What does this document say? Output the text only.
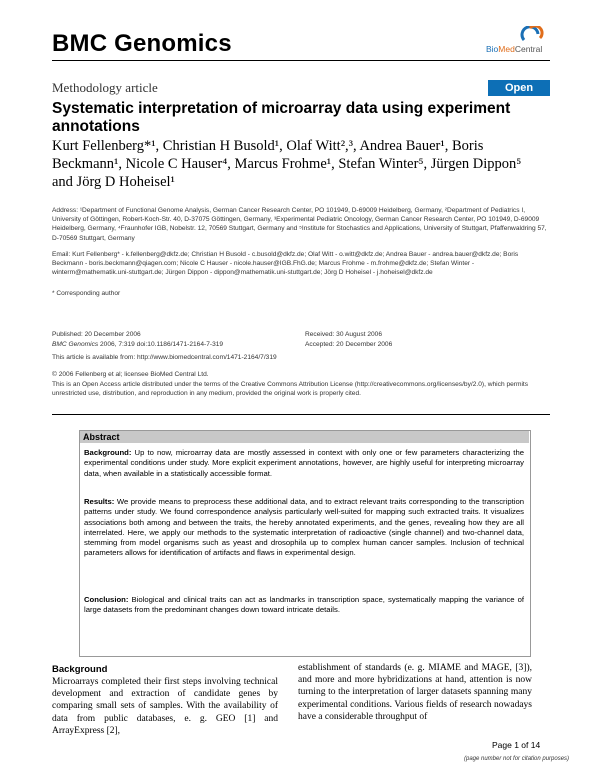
BMC Genomics	BioMedCentral
Methodology article	Open Access
Systematic interpretation of microarray data using experiment annotations
Kurt Fellenberg*¹, Christian H Busold¹, Olaf Witt²,³, Andrea Bauer¹, Boris Beckmann¹, Nicole C Hauser⁴, Marcus Frohme¹, Stefan Winter⁵, Jürgen Dippon⁵ and Jörg D Hoheisel¹
Address: ¹Department of Functional Genome Analysis, German Cancer Research Center, PO 101949, D-69009 Heidelberg, Germany, ²Department of Pediatrics I, University of Göttingen, Robert-Koch-Str. 40, D-37075 Göttingen, Germany, ³Experimental Pediatric Oncology, German Cancer Research Center, PO 101949, D-69009 Heidelberg, Germany, ⁴Fraunhofer IGB, Nobelstr. 12, 70569 Stuttgart, Germany and ⁵Institute for Stochastics and Applications, University of Stuttgart, Pfaffenwaldring 57, D-70569 Stuttgart, Germany
Email: Kurt Fellenberg* - k.fellenberg@dkfz.de; Christian H Busold - c.busold@dkfz.de; Olaf Witt - o.witt@dkfz.de; Andrea Bauer - andrea.bauer@dkfz.de; Boris Beckmann - boris.beckmann@qiagen.com; Nicole C Hauser - nicole.hauser@IGB.FhG.de; Marcus Frohme - m.frohme@dkfz.de; Stefan Winter - winterm@mathematik.uni-stuttgart.de; Jürgen Dippon - dippon@mathematik.uni-stuttgart.de; Jörg D Hoheisel - j.hoheisel@dkfz.de
* Corresponding author
Published: 20 December 2006
BMC Genomics 2006, 7:319 doi:10.1186/1471-2164-7-319
This article is available from: http://www.biomedcentral.com/1471-2164/7/319
Received: 30 August 2006
Accepted: 20 December 2006
© 2006 Fellenberg et al; licensee BioMed Central Ltd.
This is an Open Access article distributed under the terms of the Creative Commons Attribution License (http://creativecommons.org/licenses/by/2.0), which permits unrestricted use, distribution, and reproduction in any medium, provided the original work is properly cited.
Abstract
Background: Up to now, microarray data are mostly assessed in context with only one or few parameters characterizing the experimental conditions under study. More explicit experiment annotations, however, are highly useful for interpreting microarray data, when available in a statistically accessible format.
Results: We provide means to preprocess these additional data, and to extract relevant traits corresponding to the transcription patterns under study. We found correspondence analysis particularly well-suited for mapping such extracted traits. It visualizes associations both among and between the traits, the hereby annotated experiments, and the genes, revealing how they are all interrelated. Here, we apply our methods to the systematic interpretation of radioactive (single channel) and two-channel data, stemming from model organisms such as yeast and drosophila up to complex human cancer samples. Inclusion of technical parameters allows for identification of artifacts and flaws in experimental design.
Conclusion: Biological and clinical traits can act as landmarks in transcription space, systematically mapping the variance of large datasets from the predominant changes down toward intricate details.
Background
Microarrays completed their first steps involving technical development and extraction of candidate genes by comparing small sets of samples. With the availability of data from public databases, e. g. GEO [1] and ArrayExpress [2],
establishment of standards (e. g. MIAME and MAGE, [3]), and more and more hybridizations at hand, attention is now turning to the interpretation of larger datasets spanning many experimental conditions. Various fields of research nowadays have a considerable throughput of
Page 1 of 14
(page number not for citation purposes)
